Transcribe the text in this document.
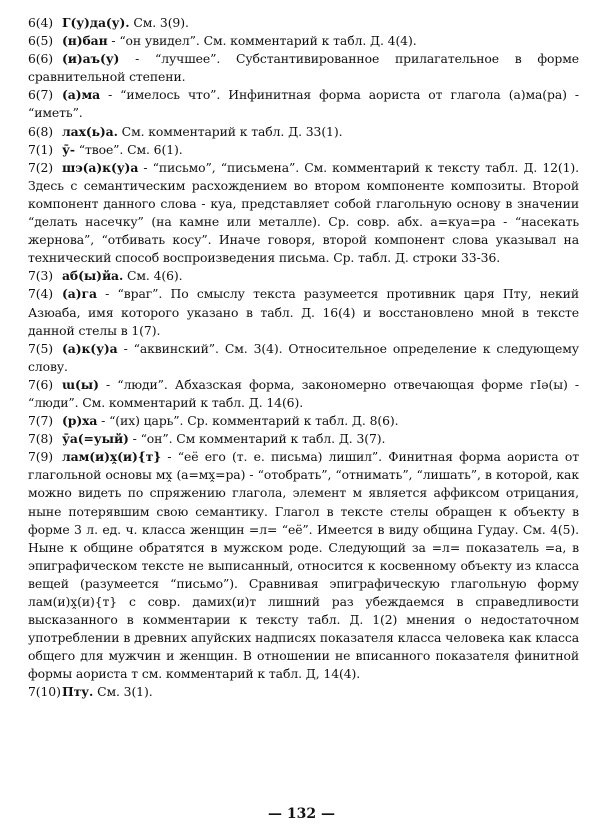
6(4) Г(у)да(у). См. 3(9).

6(5) (н)бан - “он увидел”. См. комментарий к табл. Д. 4(4).

6(6) (и)аъ(у) - “лучшее”. Субстантивированное прилагательное в форме сравнительной степени.

6(7) (а)ма - “имелось что”. Инфинитная форма аориста от глагола (а)ма(ра) - “иметь”.

6(8) лах(ь)а. См. комментарий к табл. Д. 33(1).

7(1) ӯ- “твое”. См. 6(1).

7(2) шэ(а)к(у)а - “письмо”, “письмена”. См. комментарий к тексту табл. Д. 12(1). Здесь с семантическим расхождением во втором компоненте композиты. Второй компонент данного слова - куа, представляет собой глагольную основу в значении “делать насечку” (на камне или металле). Ср. совр. абх. а=куа=ра - “насекать жернова”, “отбивать косу”. Иначе говоря, второй компонент слова указывал на технический способ воспроизведения письма. Ср. табл. Д. строки 33-36.

7(3) аб(ы)йа. См. 4(6).

7(4) (а)га - “враг”. По смыслу текста разумеется противник царя Пту, некий Азюаба, имя которого указано в табл. Д. 16(4) и восстановлено мной в тексте данной стелы в 1(7).

7(5) (а)к(у)а - “аквинский”. См. 3(4). Относительное определение к следующему слову.

7(6) ɯ(ы) - “люди”. Абхазская форма, закономерно отвечающая форме гӀә(ы) - “люди”. См. комментарий к табл. Д. 14(6).

7(7) (р)ха - “(их) царь”. Ср. комментарий к табл. Д. 8(6).

7(8) ӯа(=уый) - “он”. См комментарий к табл. Д. 3(7).

7(9) лам(и)х̭(и){т} - “её его (т. е. письма) лишил”. Финитная форма аориста от глагольной основы мх̭ (а=мх̭=ра) - “отобрать”, “отнимать”, “лишать”, в которой, как можно видеть по спряжению глагола, элемент м является аффиксом отрицания, ныне потерявшим свою семантику. Глагол в тексте стелы обращен к объекту в форме 3 л. ед. ч. класса женщин =л= “её”. Имеется в виду община Гудау. См. 4(5). Ныне к общине обратятся в мужском роде. Следующий за =л= показатель =а, в эпиграфическом тексте не выписанный, относится к косвенному объекту из класса вещей (разумеется “письмо”). Сравнивая эпиграфическую глагольную форму лам(и)х̭(и){т} с совр. дамих(и)т лишний раз убеждаемся в справедливости высказанного в комментарии к тексту табл. Д. 1(2) мнения о недостаточном употреблении в древних апуйских надписях показателя класса человека как класса общего для мужчин и женщин. В отношении не вписанного показателя финитной формы аориста т см. комментарий к табл. Д, 14(4).

7(10)Пту. См. 3(1).

— 132 —
